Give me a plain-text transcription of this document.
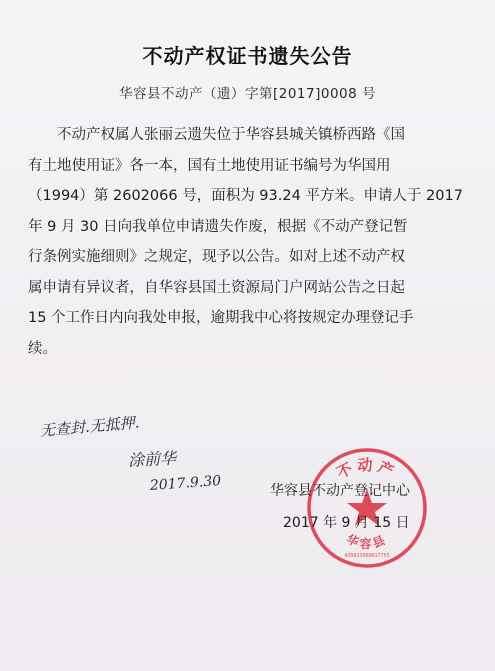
不动产权证书遗失公告
华容县不动产（遗）字第[2017]0008 号
不动产权属人张丽云遗失位于华容县城关镇桥西路《国
有土地使用证》各一本，国有土地使用证书编号为华国用
（1994）第 2602066 号，面积为 93.24 平方米。申请人于 2017
年 9 月 30 日向我单位申请遗失作废，根据《不动产登记暂
行条例实施细则》之规定，现予以公告。如对上述不动产权
属申请有异议者，自华容县国土资源局门户网站公告之日起
15 个工作日内向我处申报，逾期我中心将按规定办理登记手
续。
无查封.无抵押.
涂前华
2017.9.30
不动产
华容县
430623000017755
华容县不动产登记中心
2017 年 9 月 15 日
